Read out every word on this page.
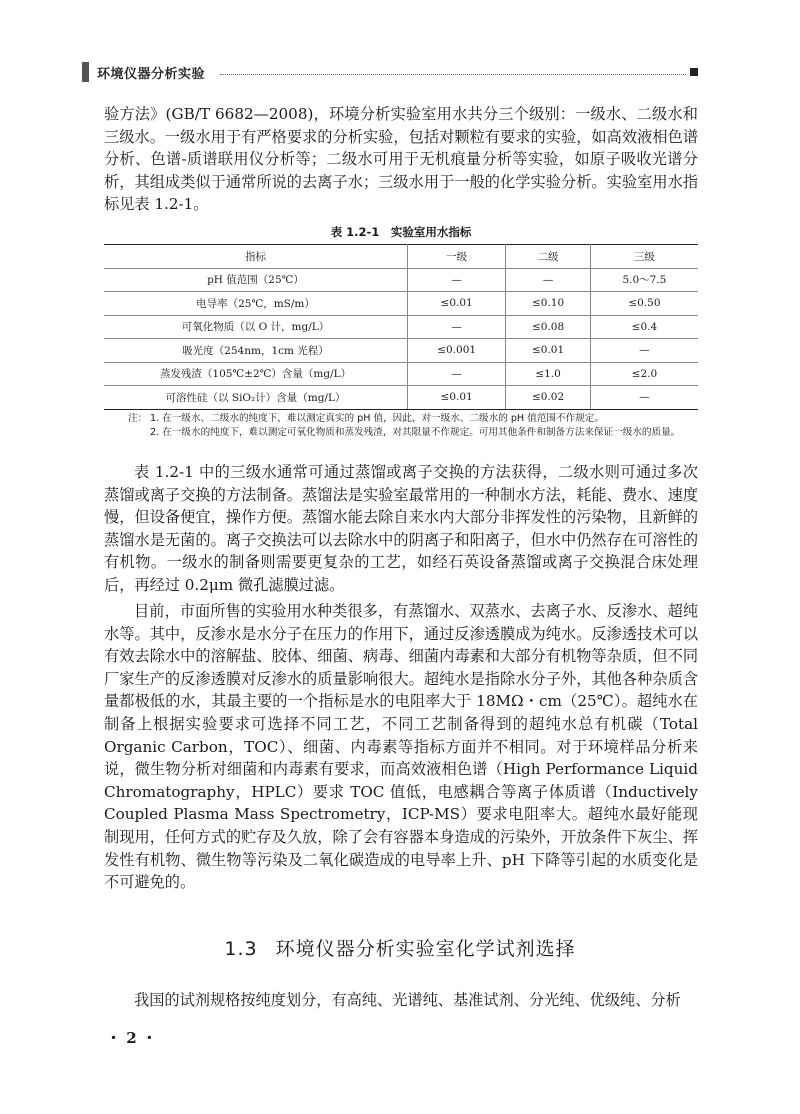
环境仪器分析实验

验方法》(GB/T 6682—2008)，环境分析实验室用水共分三个级别：一级水、二级水和三级水。一级水用于有严格要求的分析实验，包括对颗粒有要求的实验，如高效液相色谱分析、色谱-质谱联用仪分析等；二级水可用于无机痕量分析等实验，如原子吸收光谱分析，其组成类似于通常所说的去离子水；三级水用于一般的化学实验分析。实验室用水指标见表 1.2-1。

表 1.2-1　实验室用水指标
指标	一级	二级	三级
pH 值范围（25℃）	—	—	5.0～7.5
电导率（25℃，mS/m）	≤0.01	≤0.10	≤0.50
可氧化物质（以 O 计，mg/L）	—	≤0.08	≤0.4
吸光度（254nm，1cm 光程）	≤0.001	≤0.01	—
蒸发残渣（105℃±2℃）含量（mg/L）	—	≤1.0	≤2.0
可溶性硅（以 SiO₂计）含量（mg/L）	≤0.01	≤0.02	—
注： 1. 在一级水、二级水的纯度下，难以测定真实的 pH 值，因此，对一级水、二级水的 pH 值范围不作规定。
2. 在一级水的纯度下，难以测定可氧化物质和蒸发残渣，对其限量不作规定。可用其他条件和制备方法来保证一级水的质量。

表 1.2-1 中的三级水通常可通过蒸馏或离子交换的方法获得，二级水则可通过多次蒸馏或离子交换的方法制备。蒸馏法是实验室最常用的一种制水方法，耗能、费水、速度慢，但设备便宜，操作方便。蒸馏水能去除自来水内大部分非挥发性的污染物，且新鲜的蒸馏水是无菌的。离子交换法可以去除水中的阴离子和阳离子，但水中仍然存在可溶性的有机物。一级水的制备则需要更复杂的工艺，如经石英设备蒸馏或离子交换混合床处理后，再经过 0.2μm 微孔滤膜过滤。

目前，市面所售的实验用水种类很多，有蒸馏水、双蒸水、去离子水、反渗水、超纯水等。其中，反渗水是水分子在压力的作用下，通过反渗透膜成为纯水。反渗透技术可以有效去除水中的溶解盐、胶体、细菌、病毒、细菌内毒素和大部分有机物等杂质，但不同厂家生产的反渗透膜对反渗水的质量影响很大。超纯水是指除水分子外，其他各种杂质含量都极低的水，其最主要的一个指标是水的电阻率大于 18MΩ・cm（25℃）。超纯水在制备上根据实验要求可选择不同工艺，不同工艺制备得到的超纯水总有机碳（Total Organic Carbon，TOC）、细菌、内毒素等指标方面并不相同。对于环境样品分析来说，微生物分析对细菌和内毒素有要求，而高效液相色谱（High Performance Liquid Chromatography，HPLC）要求 TOC 值低，电感耦合等离子体质谱（Inductively Coupled Plasma Mass Spectrometry，ICP-MS）要求电阻率大。超纯水最好能现制现用，任何方式的贮存及久放，除了会有容器本身造成的污染外，开放条件下灰尘、挥发性有机物、微生物等污染及二氧化碳造成的电导率上升、pH 下降等引起的水质变化是不可避免的。

1.3 环境仪器分析实验室化学试剂选择

我国的试剂规格按纯度划分，有高纯、光谱纯、基准试剂、分光纯、优级纯、分析

・ 2 ・
